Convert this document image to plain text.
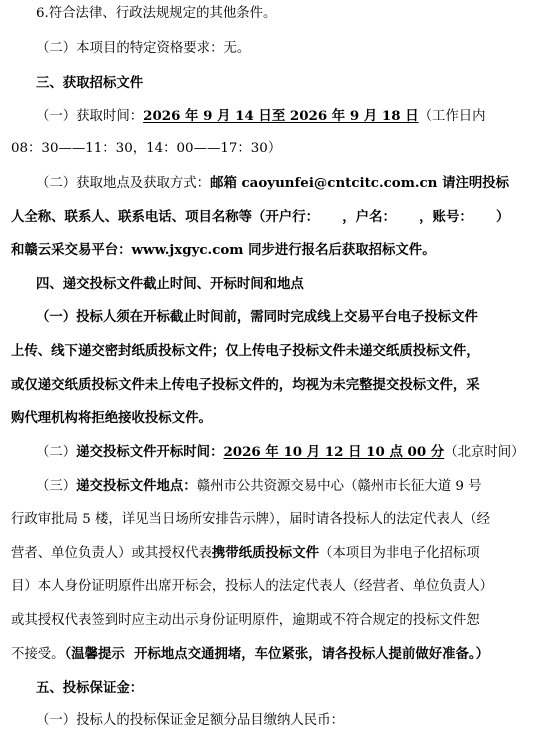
6.符合法律、行政法规规定的其他条件。
（二）本项目的特定资格要求：无。
三、获取招标文件
（一）获取时间：2026 年 9 月 14 日至 2026 年 9 月 18 日（工作日内
08：30——11：30，14：00——17：30）
（二）获取地点及获取方式：邮箱 caoyunfei@cntcitc.com.cn 请注明投标
人全称、联系人、联系电话、项目名称等（开户行：     ，户名：     ，账号：     ）
和赣云采交易平台：www.jxgyc.com 同步进行报名后获取招标文件。
四、递交投标文件截止时间、开标时间和地点
（一）投标人须在开标截止时间前，需同时完成线上交易平台电子投标文件
上传、线下递交密封纸质投标文件；仅上传电子投标文件未递交纸质投标文件，
或仅递交纸质投标文件未上传电子投标文件的，均视为未完整提交投标文件，采
购代理机构将拒绝接收投标文件。
（二）递交投标文件开标时间：2026 年 10 月 12 日 10 点 00 分（北京时间）
（三）递交投标文件地点：赣州市公共资源交易中心（赣州市长征大道 9 号
行政审批局 5 楼，详见当日场所安排告示牌），届时请各投标人的法定代表人（经
营者、单位负责人）或其授权代表携带纸质投标文件（本项目为非电子化招标项
目）本人身份证明原件出席开标会，投标人的法定代表人（经营者、单位负责人）
或其授权代表签到时应主动出示身份证明原件，逾期或不符合规定的投标文件恕
不接受。（温馨提示  开标地点交通拥堵，车位紧张，请各投标人提前做好准备。）
五、投标保证金：
（一）投标人的投标保证金足额分品目缴纳人民币：
